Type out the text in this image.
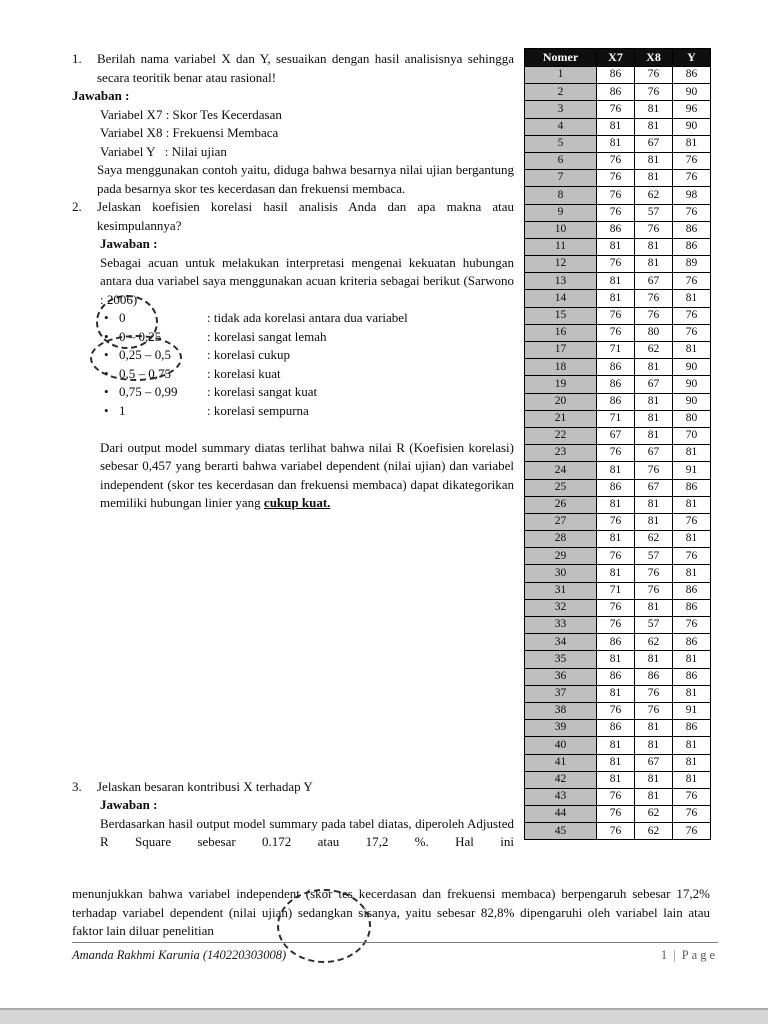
Nomer	X7	X8	Y
1	86	76	86
2	86	76	90
3	76	81	96
4	81	81	90
5	81	67	81
6	76	81	76
7	76	81	76
8	76	62	98
9	76	57	76
10	86	76	86
11	81	81	86
12	76	81	89
13	81	67	76
14	81	76	81
15	76	76	76
16	76	80	76
17	71	62	81
18	86	81	90
19	86	67	90
20	86	81	90
21	71	81	80
22	67	81	70
23	76	67	81
24	81	76	91
25	86	67	86
26	81	81	81
27	76	81	76
28	81	62	81
29	76	57	76
30	81	76	81
31	71	76	86
32	76	81	86
33	76	57	76
34	86	62	86
35	81	81	81
36	86	86	86
37	81	76	81
38	76	76	91
39	86	81	86
40	81	81	81
41	81	67	81
42	81	81	81
43	76	81	76
44	76	62	76
45	76	62	76

1. Berilah nama variabel X dan Y, sesuaikan dengan hasil analisisnya sehingga secara teoritik benar atau rasional!

Jawaban :

Variabel X7 : Skor Tes Kecerdasan
Variabel X8 : Frekuensi Membaca
Variabel Y   : Nilai ujian

Saya menggunakan contoh yaitu, diduga bahwa besarnya nilai ujian bergantung pada besarnya skor tes kecerdasan dan frekuensi membaca.

2. Jelaskan koefisien korelasi hasil analisis Anda dan apa makna atau kesimpulannya?

Jawaban :

Sebagai acuan untuk melakukan interpretasi mengenai kekuatan hubungan antara dua variabel saya menggunakan acuan kriteria sebagai berikut (Sarwono : 2006)

• 0	: tidak ada korelasi antara dua variabel
• 0 – 0,25	: korelasi sangat lemah
• 0,25 – 0,5	: korelasi cukup
• 0,5 – 0,75	: korelasi kuat
• 0,75 – 0,99	: korelasi sangat kuat
• 1	: korelasi sempurna

Dari output model summary diatas terlihat bahwa nilai R (Koefisien korelasi) sebesar 0,457 yang berarti bahwa variabel dependent (nilai ujian) dan variabel independent (skor tes kecerdasan dan frekuensi membaca) dapat dikategorikan memiliki hubungan linier yang cukup kuat.

3. Jelaskan besaran kontribusi X terhadap Y

Jawaban :

Berdasarkan hasil output model summary pada tabel diatas, diperoleh Adjusted R Square sebesar 0.172 atau 17,2 %. Hal ini

menunjukkan bahwa variabel independent (skor tes kecerdasan dan frekuensi membaca) berpengaruh sebesar 17,2% terhadap variabel dependent (nilai ujian) sedangkan sisanya, yaitu sebesar 82,8% dipengaruhi oleh variabel lain atau faktor lain diluar penelitian

Amanda Rakhmi Karunia (140220303008)	1 | Page
